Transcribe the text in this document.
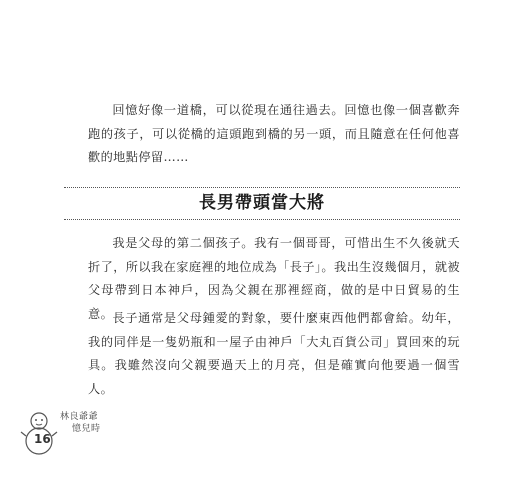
回憶好像一道橋，可以從現在通往過去。回憶也像一個喜歡奔跑的孩子，可以從橋的這頭跑到橋的另一頭，而且隨意在任何他喜歡的地點停留……

長男帶頭當大將

我是父母的第二個孩子。我有一個哥哥，可惜出生不久後就夭折了，所以我在家庭裡的地位成為「長子」。我出生沒幾個月，就被父母帶到日本神戶，因為父親在那裡經商，做的是中日貿易的生意。 長子通常是父母鍾愛的對象，要什麼東西他們都會給。幼年，我的同伴是一隻奶瓶和一屋子由神戶「大丸百貨公司」買回來的玩具。我雖然沒向父親要過天上的月亮，但是確實向他要過一個雪人。

林良爺爺
憶兒時
16
